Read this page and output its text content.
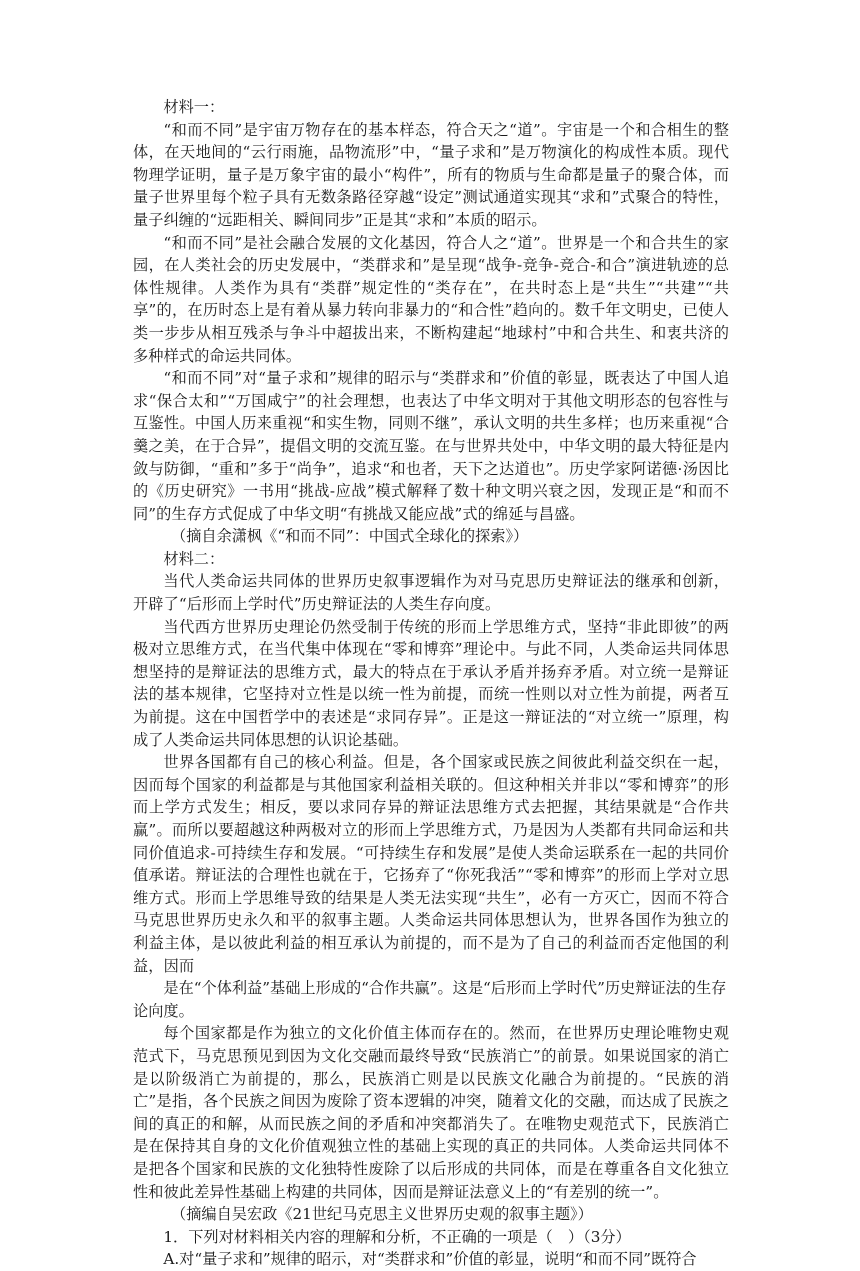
材料一：

“和而不同”是宇宙万物存在的基本样态，符合天之“道”。宇宙是一个和合相生的整体，在天地间的“云行雨施，品物流形”中，“量子求和”是万物演化的构成性本质。现代物理学证明，量子是万象宇宙的最小“构件”，所有的物质与生命都是量子的聚合体，而量子世界里每个粒子具有无数条路径穿越“设定”测试通道实现其“求和”式聚合的特性，量子纠缠的“远距相关、瞬间同步”正是其“求和”本质的昭示。

“和而不同”是社会融合发展的文化基因，符合人之“道”。世界是一个和合共生的家园，在人类社会的历史发展中，“类群求和”是呈现“战争-竞争-竞合-和合”演进轨迹的总体性规律。人类作为具有“类群”规定性的“类存在”，在共时态上是“共生”“共建”“共享”的，在历时态上是有着从暴力转向非暴力的“和合性”趋向的。数千年文明史，已使人类一步步从相互残杀与争斗中超拔出来，不断构建起“地球村”中和合共生、和衷共济的多种样式的命运共同体。

“和而不同”对“量子求和”规律的昭示与“类群求和”价值的彰显，既表达了中国人追求“保合太和”“万国咸宁”的社会理想，也表达了中华文明对于其他文明形态的包容性与互鉴性。中国人历来重视“和实生物，同则不继”，承认文明的共生多样；也历来重视“合羹之美，在于合异”，提倡文明的交流互鉴。在与世界共处中，中华文明的最大特征是内敛与防御，“重和”多于“尚争”，追求“和也者，天下之达道也”。历史学家阿诺德·汤因比的《历史研究》一书用“挑战-应战”模式解释了数十种文明兴衰之因，发现正是“和而不同”的生存方式促成了中华文明“有挑战又能应战”式的绵延与昌盛。

（摘自余潇枫《“和而不同”：中国式全球化的探索》）

材料二：

当代人类命运共同体的世界历史叙事逻辑作为对马克思历史辩证法的继承和创新，开辟了“后形而上学时代”历史辩证法的人类生存向度。

当代西方世界历史理论仍然受制于传统的形而上学思维方式，坚持“非此即彼”的两极对立思维方式，在当代集中体现在“零和博弈”理论中。与此不同，人类命运共同体思想坚持的是辩证法的思维方式，最大的特点在于承认矛盾并扬弃矛盾。对立统一是辩证法的基本规律，它坚持对立性是以统一性为前提，而统一性则以对立性为前提，两者互为前提。这在中国哲学中的表述是“求同存异”。正是这一辩证法的“对立统一”原理，构成了人类命运共同体思想的认识论基础。

世界各国都有自己的核心利益。但是，各个国家或民族之间彼此利益交织在一起，因而每个国家的利益都是与其他国家利益相关联的。但这种相关并非以“零和博弈”的形而上学方式发生；相反，要以求同存异的辩证法思维方式去把握，其结果就是“合作共赢”。而所以要超越这种两极对立的形而上学思维方式，乃是因为人类都有共同命运和共同价值追求-可持续生存和发展。“可持续生存和发展”是使人类命运联系在一起的共同价值承诺。辩证法的合理性也就在于，它扬弃了“你死我活”“零和博弈”的形而上学对立思维方式。形而上学思维导致的结果是人类无法实现“共生”，必有一方灭亡，因而不符合马克思世界历史永久和平的叙事主题。人类命运共同体思想认为，世界各国作为独立的利益主体，是以彼此利益的相互承认为前提的，而不是为了自己的利益而否定他国的利益，因而

是在“个体利益”基础上形成的“合作共赢”。这是“后形而上学时代”历史辩证法的生存论向度。

每个国家都是作为独立的文化价值主体而存在的。然而，在世界历史理论唯物史观范式下，马克思预见到因为文化交融而最终导致“民族消亡”的前景。如果说国家的消亡是以阶级消亡为前提的，那么，民族消亡则是以民族文化融合为前提的。“民族的消亡”是指，各个民族之间因为废除了资本逻辑的冲突，随着文化的交融，而达成了民族之间的真正的和解，从而民族之间的矛盾和冲突都消失了。在唯物史观范式下，民族消亡是在保持其自身的文化价值观独立性的基础上实现的真正的共同体。人类命运共同体不是把各个国家和民族的文化独特性废除了以后形成的共同体，而是在尊重各自文化独立性和彼此差异性基础上构建的共同体，因而是辩证法意义上的“有差别的统一”。

（摘编自吴宏政《21世纪马克思主义世界历史观的叙事主题》）

1．下列对材料相关内容的理解和分析，不正确的一项是（　）（3分）

A.对“量子求和”规律的昭示，对“类群求和”价值的彰显，说明“和而不同”既符合
